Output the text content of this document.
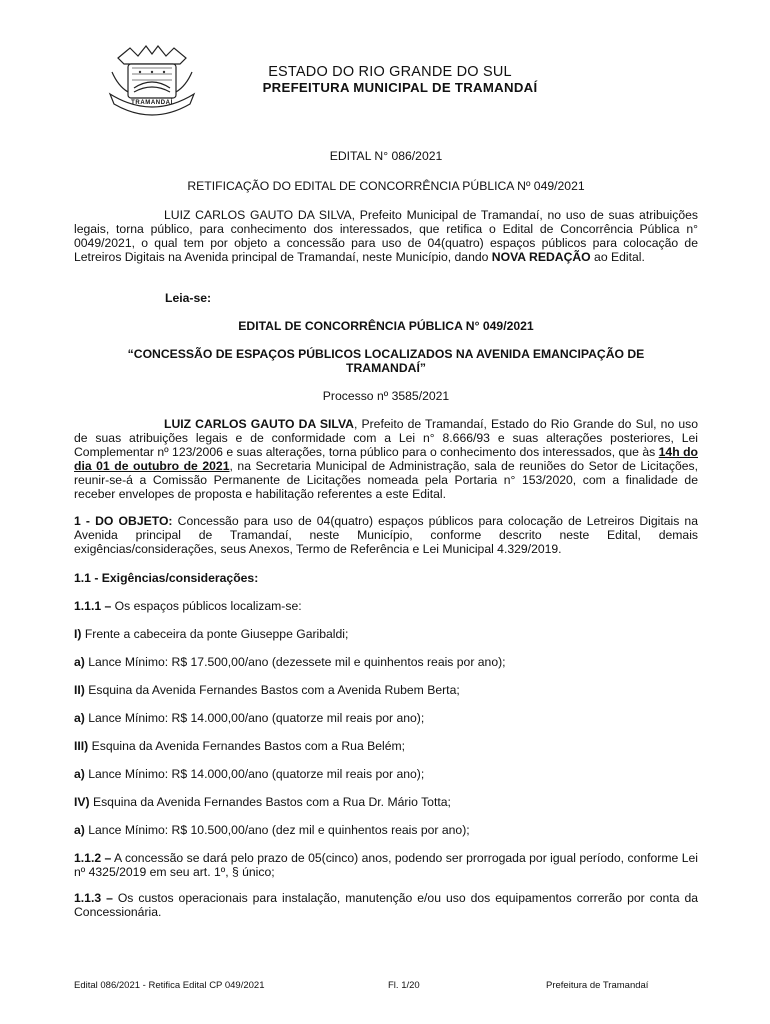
TRAMANDAÍ
ESTADO DO RIO GRANDE DO SUL
PREFEITURA MUNICIPAL DE TRAMANDAÍ
EDITAL N° 086/2021
RETIFICAÇÃO DO EDITAL DE CONCORRÊNCIA PÚBLICA Nº 049/2021
LUIZ CARLOS GAUTO DA SILVA, Prefeito Municipal de Tramandaí, no uso de suas atribuições legais, torna público, para conhecimento dos interessados, que retifica o Edital de Concorrência Pública n° 0049/2021, o qual tem por objeto a concessão para uso de 04(quatro) espaços públicos para colocação de Letreiros Digitais na Avenida principal de Tramandaí, neste Município, dando NOVA REDAÇÃO ao Edital.
Leia-se:
EDITAL DE CONCORRÊNCIA PÚBLICA N° 049/2021
“CONCESSÃO DE ESPAÇOS PÚBLICOS LOCALIZADOS NA AVENIDA EMANCIPAÇÃO DE TRAMANDAÍ”
Processo nº 3585/2021
LUIZ CARLOS GAUTO DA SILVA, Prefeito de Tramandaí, Estado do Rio Grande do Sul, no uso de suas atribuições legais e de conformidade com a Lei n° 8.666/93 e suas alterações posteriores, Lei Complementar nº 123/2006 e suas alterações, torna público para o conhecimento dos interessados, que às 14h do dia 01 de outubro de 2021, na Secretaria Municipal de Administração, sala de reuniões do Setor de Licitações, reunir-se-á a Comissão Permanente de Licitações nomeada pela Portaria n° 153/2020, com a finalidade de receber envelopes de proposta e habilitação referentes a este Edital.
1 - DO OBJETO: Concessão para uso de 04(quatro) espaços públicos para colocação de Letreiros Digitais na Avenida principal de Tramandaí, neste Município, conforme descrito neste Edital, demais exigências/considerações, seus Anexos, Termo de Referência e Lei Municipal 4.329/2019.
1.1 - Exigências/considerações:
1.1.1 – Os espaços públicos localizam-se:
I) Frente a cabeceira da ponte Giuseppe Garibaldi;
a) Lance Mínimo: R$ 17.500,00/ano (dezessete mil e quinhentos reais por ano);
II) Esquina da Avenida Fernandes Bastos com a Avenida Rubem Berta;
a) Lance Mínimo: R$ 14.000,00/ano (quatorze mil reais por ano);
III) Esquina da Avenida Fernandes Bastos com a Rua Belém;
a) Lance Mínimo: R$ 14.000,00/ano (quatorze mil reais por ano);
IV) Esquina da Avenida Fernandes Bastos com a Rua Dr. Mário Totta;
a) Lance Mínimo: R$ 10.500,00/ano (dez mil e quinhentos reais por ano);
1.1.2 – A concessão se dará pelo prazo de 05(cinco) anos, podendo ser prorrogada por igual período, conforme Lei nº 4325/2019 em seu art. 1º, § único;
1.1.3 – Os custos operacionais para instalação, manutenção e/ou uso dos equipamentos correrão por conta da Concessionária.
Edital 086/2021 - Retifica Edital CP 049/2021	Fl. 1/20	Prefeitura de Tramandaí
